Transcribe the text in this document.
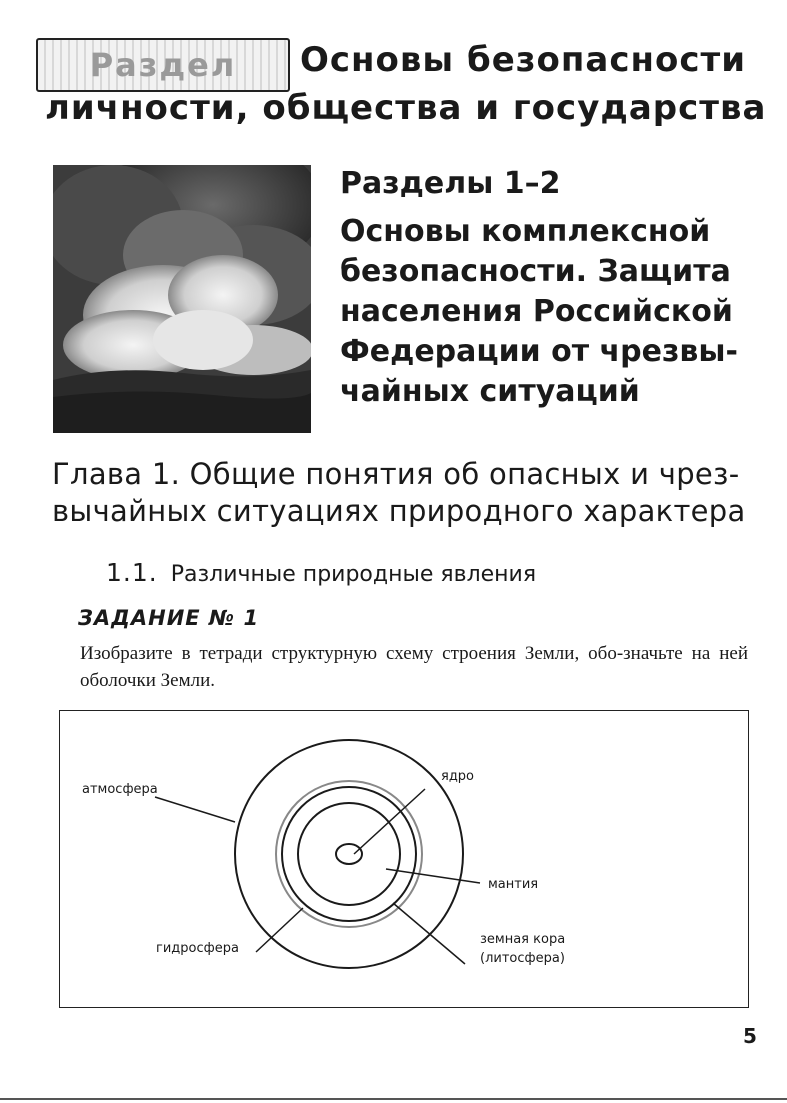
Раздел	Основы безопасности
личности, общества и государства
Разделы 1–2
Основы комплексной безопасности. Защита населения Российской Федерации от чрезвы-чайных ситуаций
Глава 1. Общие понятия об опасных и чрез-вычайных ситуациях природного характера
1.1. Различные природные явления
ЗАДАНИЕ № 1
Изобразите в тетради структурную схему строения Земли, обо-значьте на ней оболочки Земли.
атмосфера
ядро
мантия
земная кора
(литосфера)
гидросфера
5
